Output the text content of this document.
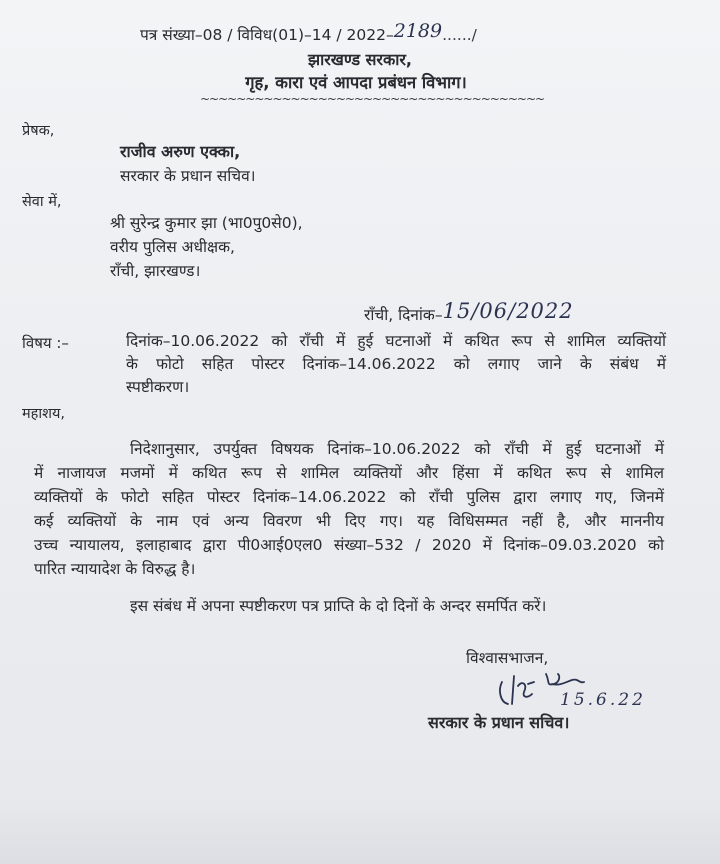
पत्र संख्या–08 / विविध(01)–14 / 2022–2189....../
झारखण्ड सरकार,
गृह, कारा एवं आपदा प्रबंधन विभाग।
~~~~~~~~~~~~~~~~~~~~~~~~~~~~~~~~~~~~~~
प्रेषक,
राजीव अरुण एक्का,
सरकार के प्रधान सचिव।
सेवा में,
श्री सुरेन्द्र कुमार झा (भा0पु0से0),
वरीय पुलिस अधीक्षक,
राँची, झारखण्ड।
राँची, दिनांक–15/06/2022
विषय :–	दिनांक–10.06.2022 को राँची में हुई घटनाओं में कथित रूप से शामिल व्यक्तियों
के फोटो सहित पोस्टर दिनांक–14.06.2022 को लगाए जाने के संबंध में
स्पष्टीकरण।
महाशय,
निदेशानुसार, उपर्युक्त विषयक दिनांक–10.06.2022 को राँची में हुई घटनाओं में
में नाजायज मजमों में कथित रूप से शामिल व्यक्तियों और हिंसा में कथित रूप से शामिल
व्यक्तियों के फोटो सहित पोस्टर दिनांक–14.06.2022 को राँची पुलिस द्वारा लगाए गए, जिनमें
कई व्यक्तियों के नाम एवं अन्य विवरण भी दिए गए। यह विधिसम्मत नहीं है, और माननीय
उच्च न्यायालय, इलाहाबाद द्वारा पी0आई0एल0 संख्या–532 / 2020 में दिनांक–09.03.2020 को
पारित न्यायादेश के विरुद्ध है।
इस संबंध में अपना स्पष्टीकरण पत्र प्राप्ति के दो दिनों के अन्दर समर्पित करें।
विश्वासभाजन,
15.6.22
सरकार के प्रधान सचिव।
